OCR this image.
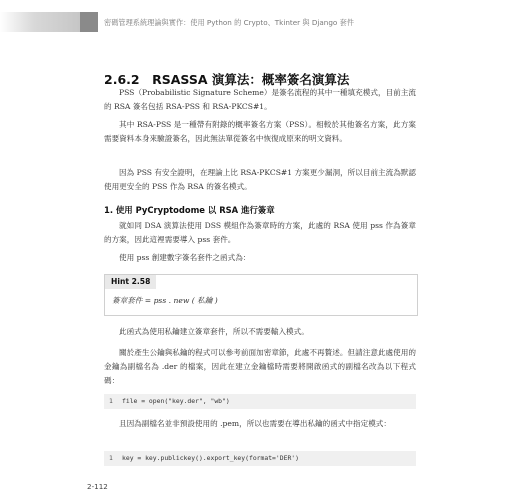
密碼管理系統理論與實作：使用 Python 的 Crypto、Tkinter 與 Django 套件
2.6.2　RSASSA 演算法：概率簽名演算法
PSS（Probabilistic Signature Scheme）是簽名流程的其中一種填充模式，目前主流的 RSA 簽名包括 RSA-PSS 和 RSA-PKCS#1。
其中 RSA-PSS 是一種帶有附錄的概率簽名方案（PSS）。相較於其他簽名方案，此方案需要資料本身來驗證簽名，因此無法單從簽名中恢復成原來的明文資料。
因為 PSS 有安全證明，在理論上比 RSA-PKCS#1 方案更少漏洞，所以目前主流為默認使用更安全的 PSS 作為 RSA 的簽名模式。
1. 使用 PyCryptodome 以 RSA 進行簽章
就如同 DSA 演算法使用 DSS 模組作為簽章時的方案，此處的 RSA 使用 pss 作為簽章的方案，因此這裡需要導入 pss 套件。
使用 pss 創建數字簽名套件之函式為：
Hint 2.58
簽章套件 = pss . new ( 私鑰 )
此函式為使用私鑰建立簽章套件，所以不需要輸入模式。
關於產生公鑰與私鑰的程式可以參考前面加密章節，此處不再贅述。但請注意此處使用的金鑰為副檔名為 .der 的檔案，因此在建立金鑰檔時需要將開啟函式的副檔名改為以下程式碼：
1 file = open("key.der", "wb")
且因為副檔名並非預設使用的 .pem，所以也需要在導出私鑰的函式中指定模式：
1 key = key.publickey().export_key(format='DER')
2-112
